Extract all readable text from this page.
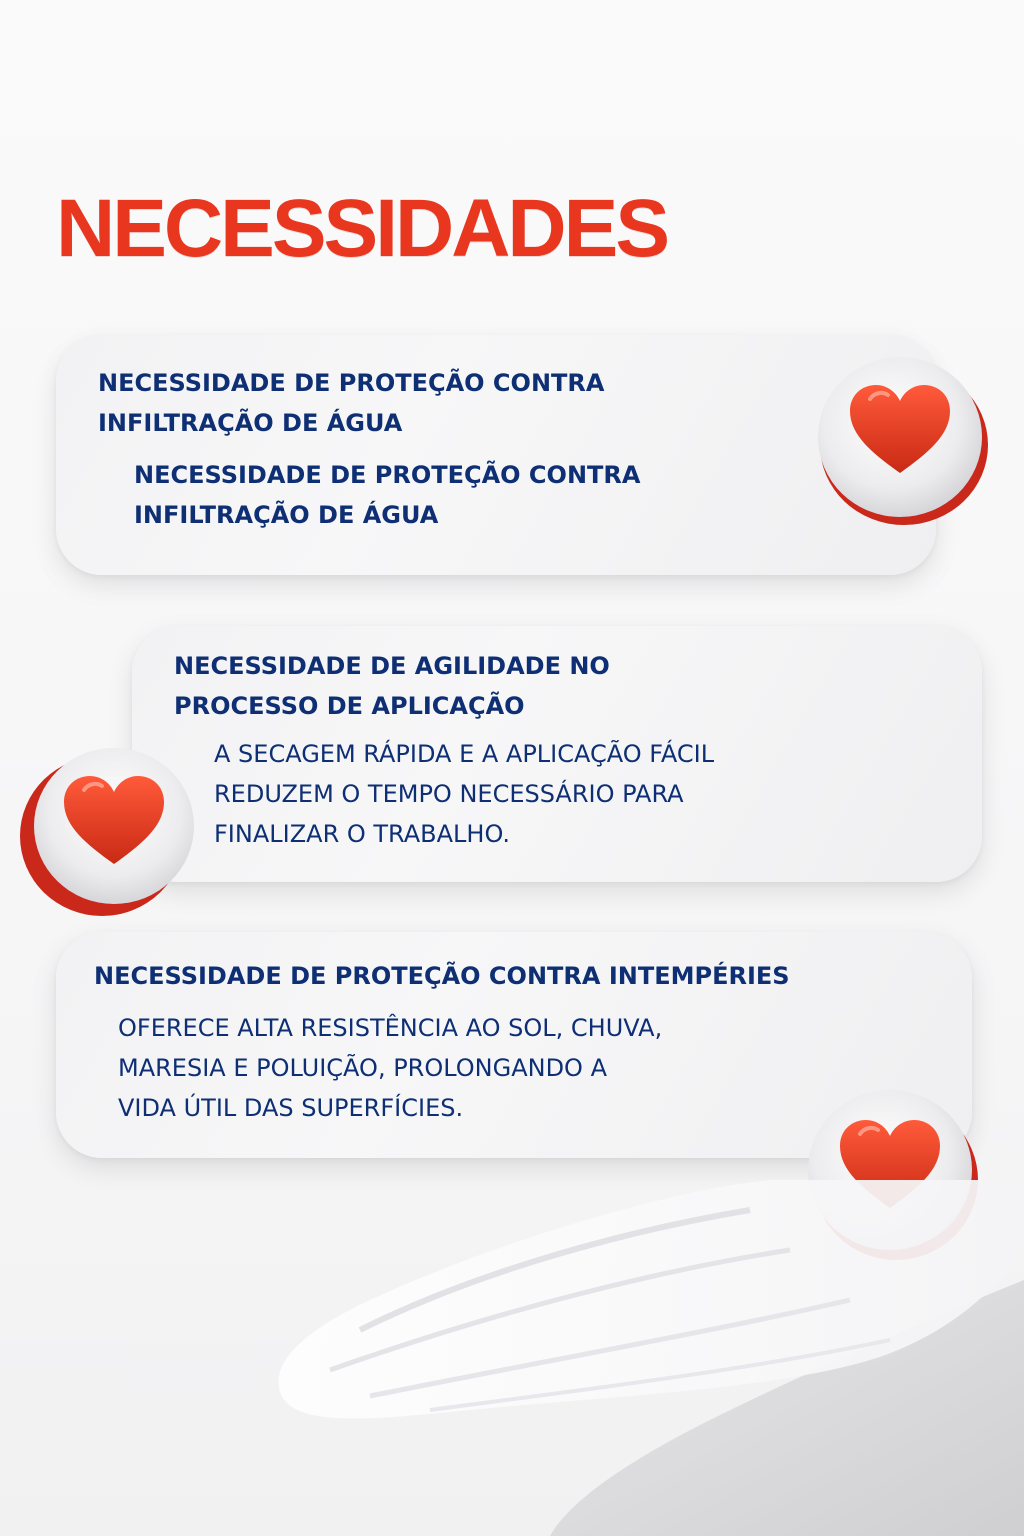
NECESSIDADES

NECESSIDADE DE PROTEÇÃO CONTRA
INFILTRAÇÃO DE ÁGUA

NECESSIDADE DE PROTEÇÃO CONTRA
INFILTRAÇÃO DE ÁGUA

NECESSIDADE DE AGILIDADE NO
PROCESSO DE APLICAÇÃO

A SECAGEM RÁPIDA E A APLICAÇÃO FÁCIL
REDUZEM O TEMPO NECESSÁRIO PARA
FINALIZAR O TRABALHO.

NECESSIDADE DE PROTEÇÃO CONTRA INTEMPÉRIES

OFERECE ALTA RESISTÊNCIA AO SOL, CHUVA,
MARESIA E POLUIÇÃO, PROLONGANDO A
VIDA ÚTIL DAS SUPERFÍCIES.
